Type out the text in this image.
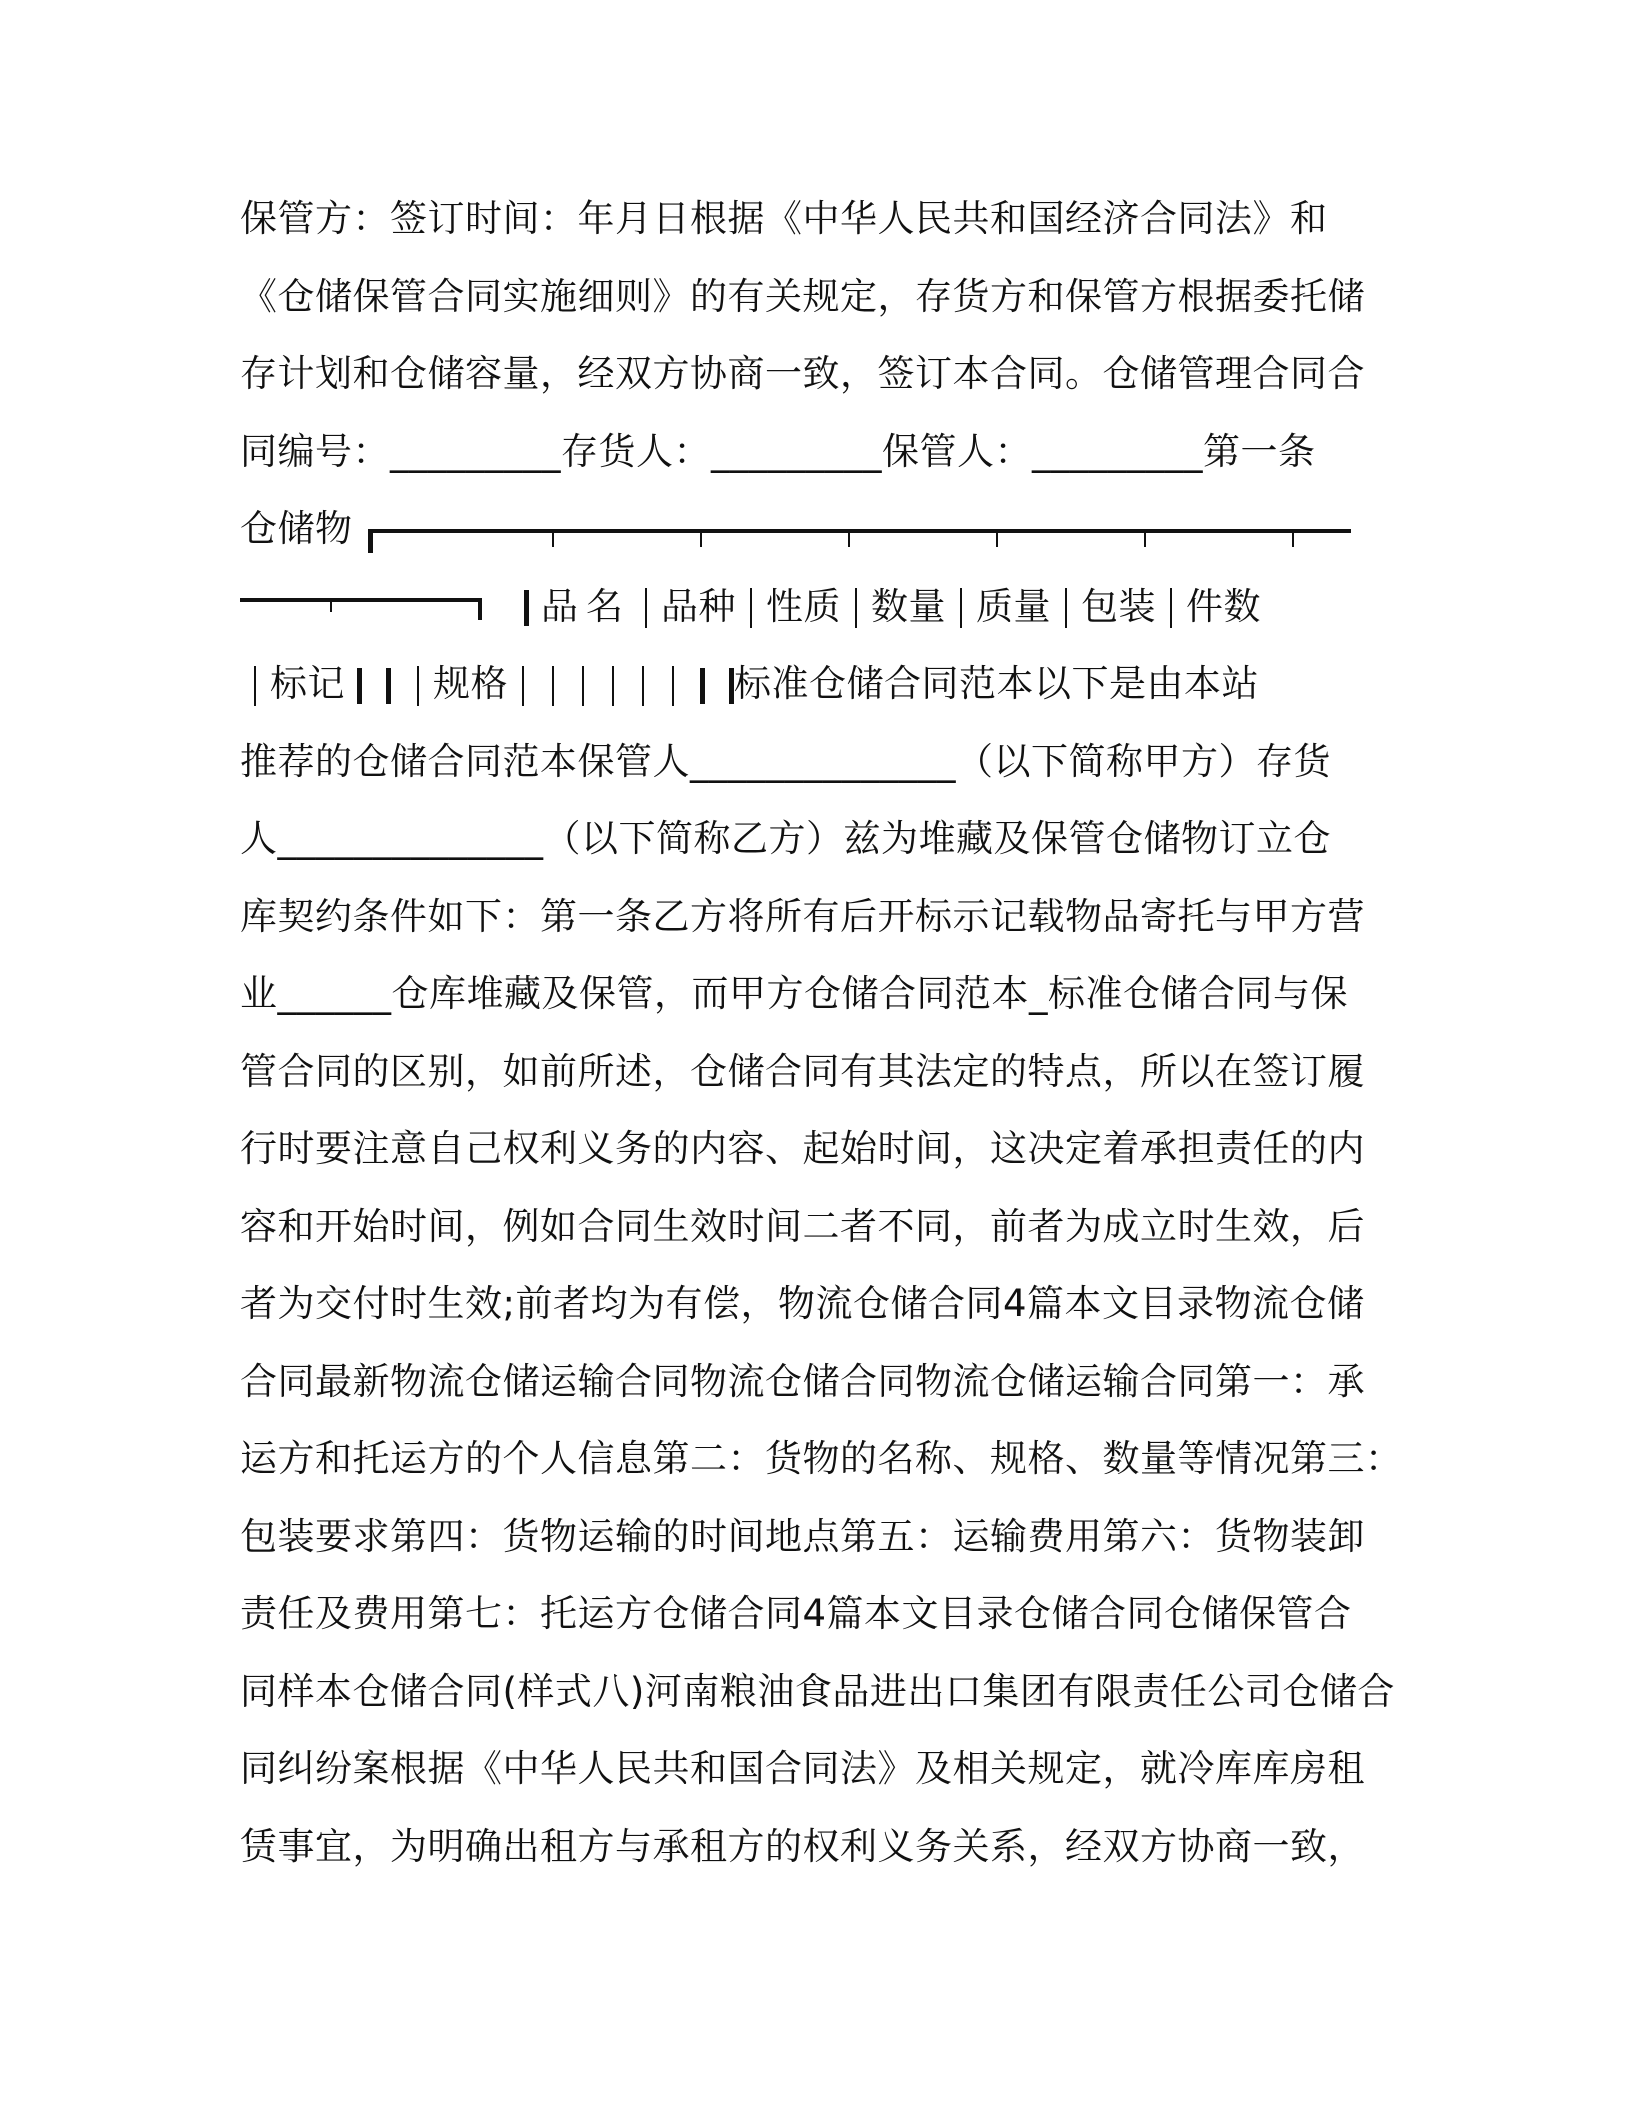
保管方：签订时间：年月日根据《中华人民共和国经济合同法》和
《仓储保管合同实施细则》的有关规定，存货方和保管方根据委托储
存计划和仓储容量，经双方协商一致，签订本合同。仓储管理合同合
同编号：_________存货人：_________保管人：_________第一条
仓储物
品名 品种 性质 数量 质量 包装 件数
标记 规格	标准仓储合同范本以下是由本站
推荐的仓储合同范本保管人______________（以下简称甲方）存货
人______________（以下简称乙方）兹为堆藏及保管仓储物订立仓
库契约条件如下：第一条乙方将所有后开标示记载物品寄托与甲方营
业______仓库堆藏及保管，而甲方仓储合同范本_标准仓储合同与保
管合同的区别，如前所述，仓储合同有其法定的特点，所以在签订履
行时要注意自己权利义务的内容、起始时间，这决定着承担责任的内
容和开始时间，例如合同生效时间二者不同，前者为成立时生效，后
者为交付时生效;前者均为有偿，物流仓储合同4篇本文目录物流仓储
合同最新物流仓储运输合同物流仓储合同物流仓储运输合同第一：承
运方和托运方的个人信息第二：货物的名称、规格、数量等情况第三：
包装要求第四：货物运输的时间地点第五：运输费用第六：货物装卸
责任及费用第七：托运方仓储合同4篇本文目录仓储合同仓储保管合
同样本仓储合同(样式八)河南粮油食品进出口集团有限责任公司仓储合
同纠纷案根据《中华人民共和国合同法》及相关规定，就冷库库房租
赁事宜，为明确出租方与承租方的权利义务关系，经双方协商一致，
